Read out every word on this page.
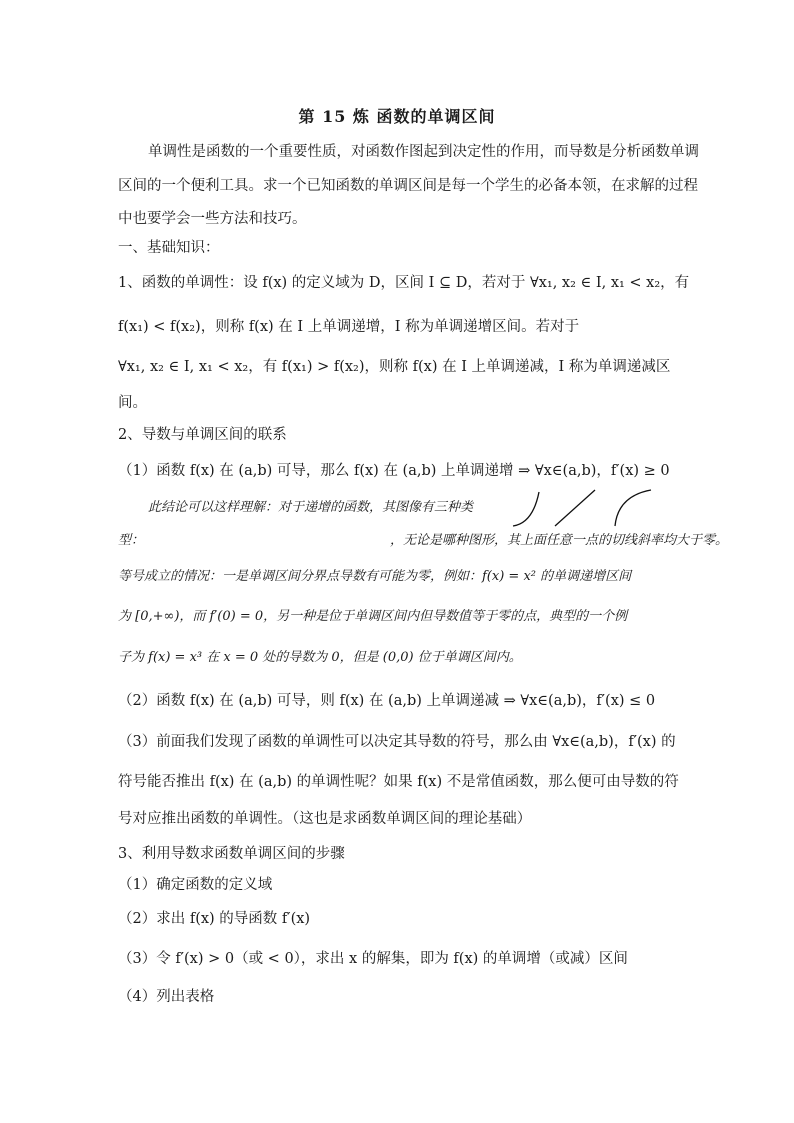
第 15 炼 函数的单调区间
单调性是函数的一个重要性质，对函数作图起到决定性的作用，而导数是分析函数单调
区间的一个便利工具。求一个已知函数的单调区间是每一个学生的必备本领，在求解的过程
中也要学会一些方法和技巧。
一、基础知识：
1、函数的单调性：设 f(x) 的定义域为 D，区间 I ⊆ D，若对于 ∀x₁, x₂ ∈ I, x₁ < x₂，有
f(x₁) < f(x₂)，则称 f(x) 在 I 上单调递增，I 称为单调递增区间。若对于
∀x₁, x₂ ∈ I, x₁ < x₂，有 f(x₁) > f(x₂)，则称 f(x) 在 I 上单调递减，I 称为单调递减区
间。
2、导数与单调区间的联系
（1）函数 f(x) 在 (a,b) 可导，那么 f(x) 在 (a,b) 上单调递增 ⇒ ∀x∈(a,b)，f′(x) ≥ 0
此结论可以这样理解：对于递增的函数，其图像有三种类
型：	，无论是哪种图形，其上面任意一点的切线斜率均大于零。
等号成立的情况：一是单调区间分界点导数有可能为零，例如：f(x) = x² 的单调递增区间
为 [0,+∞)，而 f′(0) = 0，另一种是位于单调区间内但导数值等于零的点，典型的一个例
子为 f(x) = x³ 在 x = 0 处的导数为 0，但是 (0,0) 位于单调区间内。
（2）函数 f(x) 在 (a,b) 可导，则 f(x) 在 (a,b) 上单调递减 ⇒ ∀x∈(a,b)，f′(x) ≤ 0
（3）前面我们发现了函数的单调性可以决定其导数的符号，那么由 ∀x∈(a,b)，f′(x) 的
符号能否推出 f(x) 在 (a,b) 的单调性呢？如果 f(x) 不是常值函数，那么便可由导数的符
号对应推出函数的单调性。（这也是求函数单调区间的理论基础）
3、利用导数求函数单调区间的步骤
（1）确定函数的定义域
（2）求出 f(x) 的导函数 f′(x)
（3）令 f′(x) > 0（或 < 0），求出 x 的解集，即为 f(x) 的单调增（或减）区间
（4）列出表格
